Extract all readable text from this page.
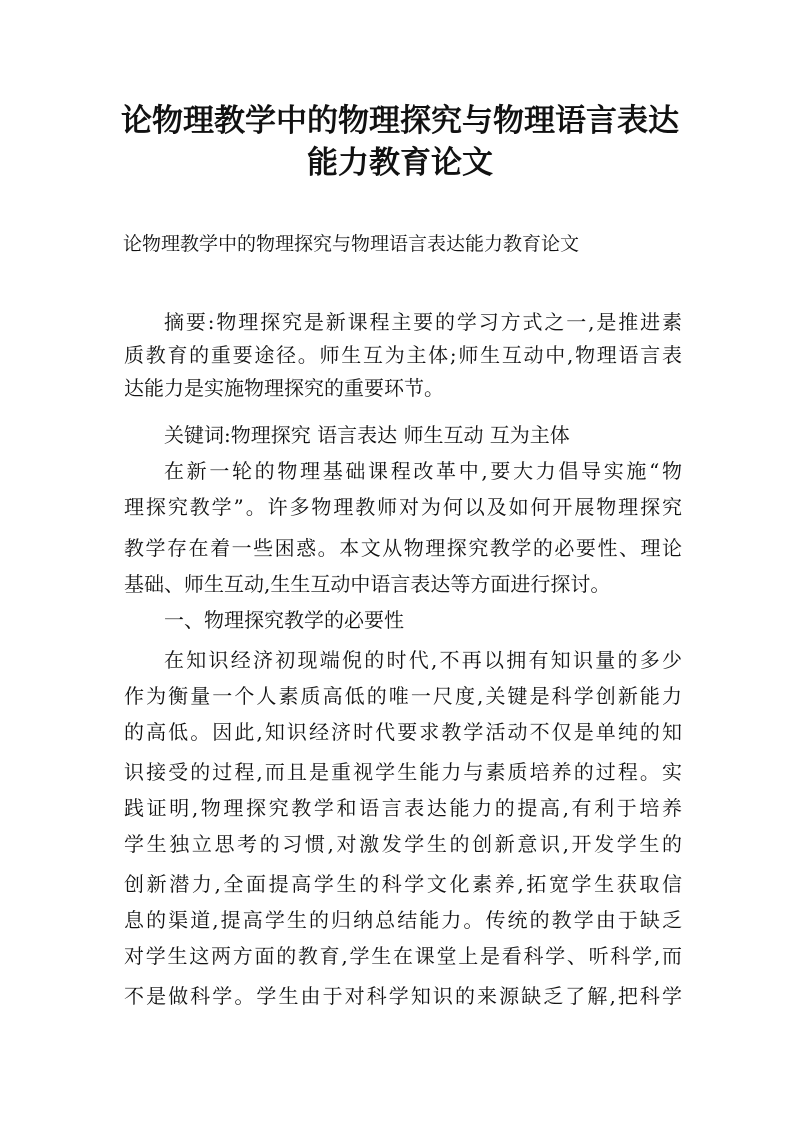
论物理教学中的物理探究与物理语言表达
能力教育论文

论物理教学中的物理探究与物理语言表达能力教育论文

摘要:物理探究是新课程主要的学习方式之一,是推进素

质教育的重要途径。师生互为主体;师生互动中,物理语言表

达能力是实施物理探究的重要环节。

关键词:物理探究 语言表达 师生互动 互为主体

在新一轮的物理基础课程改革中,要大力倡导实施“物

理探究教学”。许多物理教师对为何以及如何开展物理探究

教学存在着一些困惑。本文从物理探究教学的必要性、理论

基础、师生互动,生生互动中语言表达等方面进行探讨。

一、物理探究教学的必要性

在知识经济初现端倪的时代,不再以拥有知识量的多少

作为衡量一个人素质高低的唯一尺度,关键是科学创新能力

的高低。因此,知识经济时代要求教学活动不仅是单纯的知

识接受的过程,而且是重视学生能力与素质培养的过程。实

践证明,物理探究教学和语言表达能力的提高,有利于培养

学生独立思考的习惯,对激发学生的创新意识,开发学生的

创新潜力,全面提高学生的科学文化素养,拓宽学生获取信

息的渠道,提高学生的归纳总结能力。传统的教学由于缺乏

对学生这两方面的教育,学生在课堂上是看科学、听科学,而

不是做科学。学生由于对科学知识的来源缺乏了解,把科学
